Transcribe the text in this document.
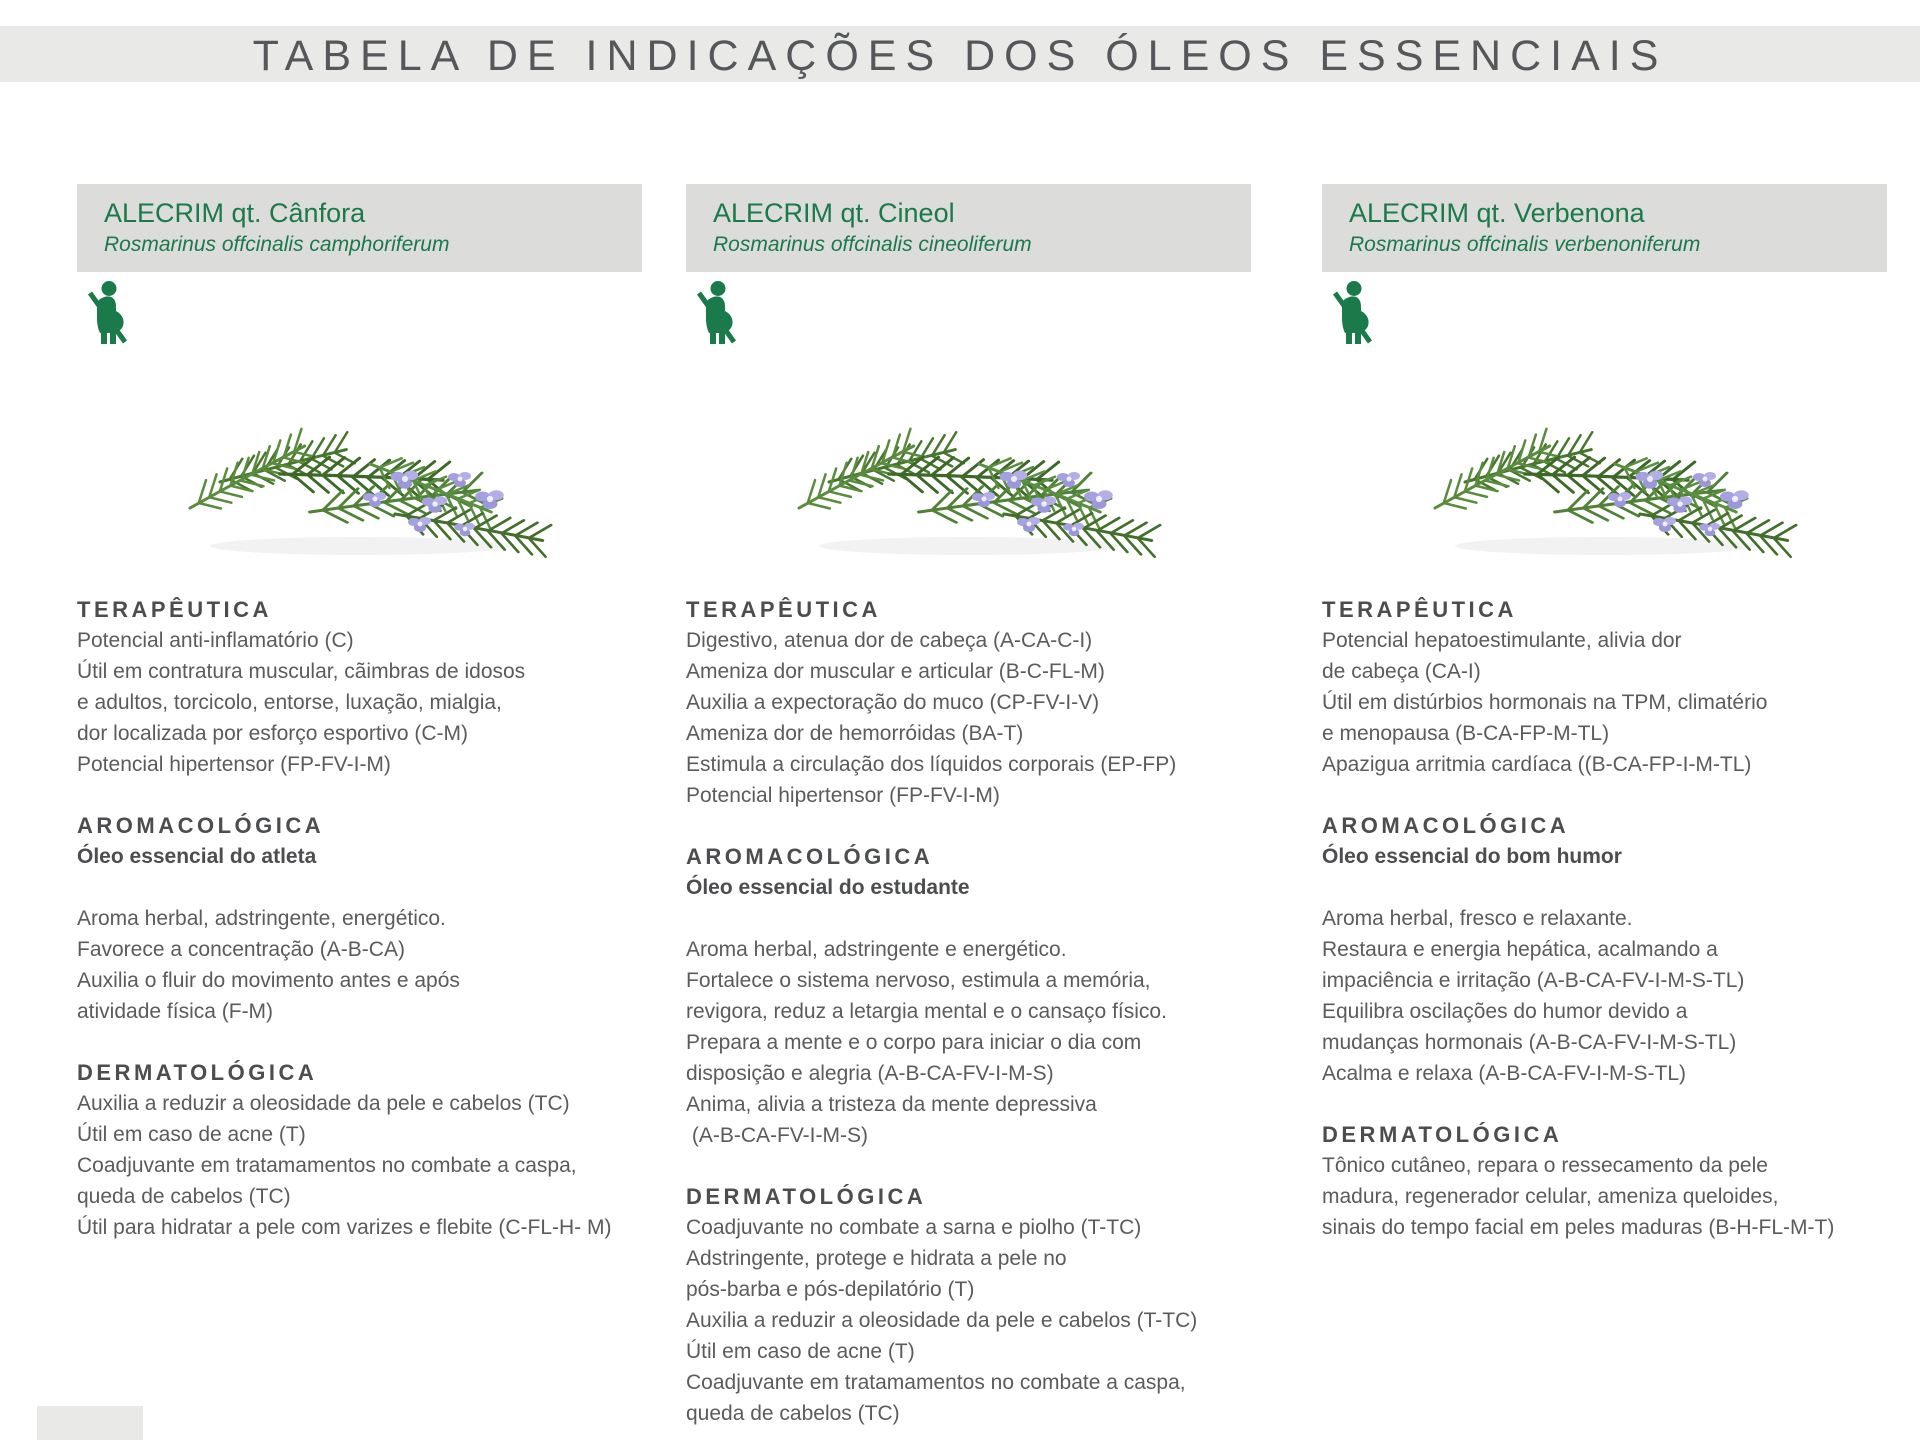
TABELA DE INDICAÇÕES DOS ÓLEOS ESSENCIAIS
ALECRIM qt. Cânfora
Rosmarinus offcinalis camphoriferum
TERAPÊUTICA
Potencial anti-inflamatório (C)
Útil em contratura muscular, cãimbras de idosos
e adultos, torcicolo, entorse, luxação, mialgia,
dor localizada por esforço esportivo (C-M)
Potencial hipertensor (FP-FV-I-M)
AROMACOLÓGICA
Óleo essencial do atleta
Aroma herbal, adstringente, energético.
Favorece a concentração (A-B-CA)
Auxilia o fluir do movimento antes e após
atividade física (F-M)
DERMATOLÓGICA
Auxilia a reduzir a oleosidade da pele e cabelos (TC)
Útil em caso de acne (T)
Coadjuvante em tratamamentos no combate a caspa,
queda de cabelos (TC)
Útil para hidratar a pele com varizes e flebite (C-FL-H- M)
ALECRIM qt. Cineol
Rosmarinus offcinalis cineoliferum
TERAPÊUTICA
Digestivo, atenua dor de cabeça (A-CA-C-I)
Ameniza dor muscular e articular (B-C-FL-M)
Auxilia a expectoração do muco (CP-FV-I-V)
Ameniza dor de hemorróidas (BA-T)
Estimula a circulação dos líquidos corporais (EP-FP)
Potencial hipertensor (FP-FV-I-M)
AROMACOLÓGICA
Óleo essencial do estudante
Aroma herbal, adstringente e energético.
Fortalece o sistema nervoso, estimula a memória,
revigora, reduz a letargia mental e o cansaço físico.
Prepara a mente e o corpo para iniciar o dia com
disposição e alegria (A-B-CA-FV-I-M-S)
Anima, alivia a tristeza da mente depressiva
(A-B-CA-FV-I-M-S)
DERMATOLÓGICA
Coadjuvante no combate a sarna e piolho (T-TC)
Adstringente, protege e hidrata a pele no
pós-barba e pós-depilatório (T)
Auxilia a reduzir a oleosidade da pele e cabelos (T-TC)
Útil em caso de acne (T)
Coadjuvante em tratamamentos no combate a caspa,
queda de cabelos (TC)
ALECRIM qt. Verbenona
Rosmarinus offcinalis verbenoniferum
TERAPÊUTICA
Potencial hepatoestimulante, alivia dor
de cabeça (CA-I)
Útil em distúrbios hormonais na TPM, climatério
e menopausa (B-CA-FP-M-TL)
Apazigua arritmia cardíaca ((B-CA-FP-I-M-TL)
AROMACOLÓGICA
Óleo essencial do bom humor
Aroma herbal, fresco e relaxante.
Restaura e energia hepática, acalmando a
impaciência e irritação (A-B-CA-FV-I-M-S-TL)
Equilibra oscilações do humor devido a
mudanças hormonais (A-B-CA-FV-I-M-S-TL)
Acalma e relaxa (A-B-CA-FV-I-M-S-TL)
DERMATOLÓGICA
Tônico cutâneo, repara o ressecamento da pele
madura, regenerador celular, ameniza queloides,
sinais do tempo facial em peles maduras (B-H-FL-M-T)
